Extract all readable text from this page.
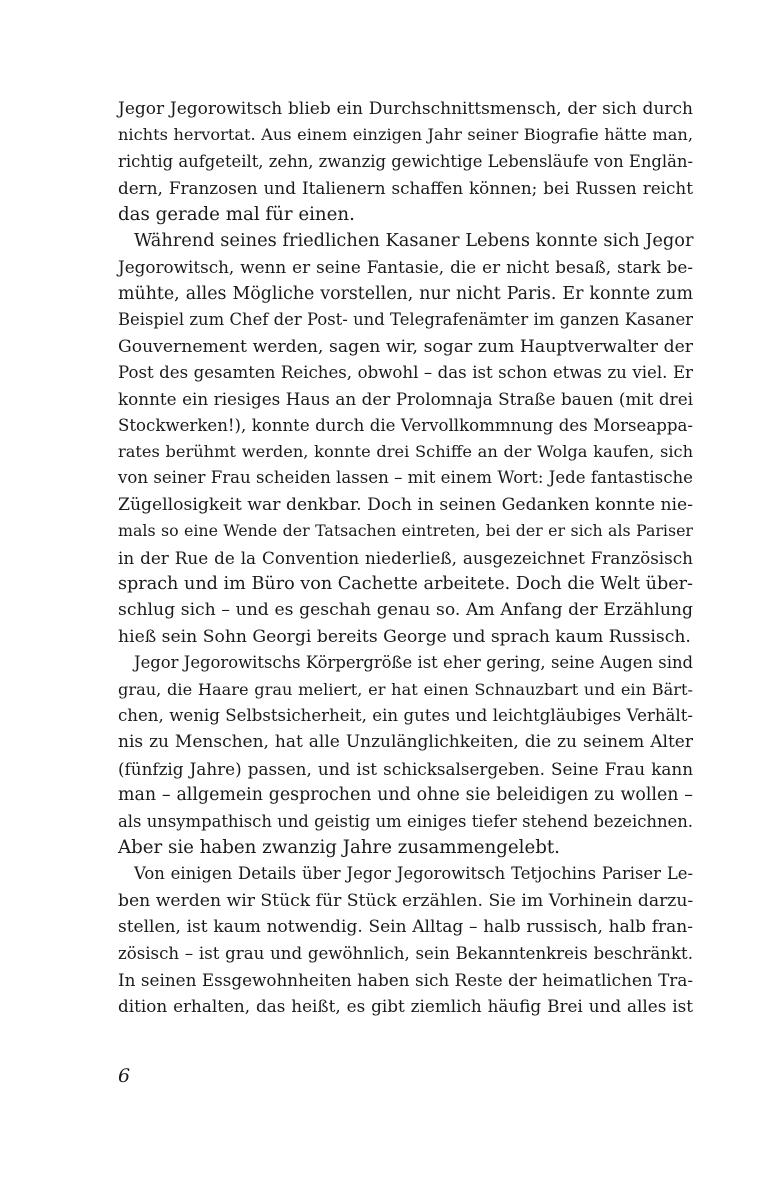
Jegor Jegorowitsch blieb ein Durchschnittsmensch, der sich durch
nichts hervortat. Aus einem einzigen Jahr seiner Biografie hätte man,
richtig aufgeteilt, zehn, zwanzig gewichtige Lebensläufe von Englän-
dern, Franzosen und Italienern schaffen können; bei Russen reicht
das gerade mal für einen.
Während seines friedlichen Kasaner Lebens konnte sich Jegor
Jegorowitsch, wenn er seine Fantasie, die er nicht besaß, stark be-
mühte, alles Mögliche vorstellen, nur nicht Paris. Er konnte zum
Beispiel zum Chef der Post- und Telegrafenämter im ganzen Kasaner
Gouvernement werden, sagen wir, sogar zum Hauptverwalter der
Post des gesamten Reiches, obwohl – das ist schon etwas zu viel. Er
konnte ein riesiges Haus an der Prolomnaja Straße bauen (mit drei
Stockwerken!), konnte durch die Vervollkommnung des Morseappa-
rates berühmt werden, konnte drei Schiffe an der Wolga kaufen, sich
von seiner Frau scheiden lassen – mit einem Wort: Jede fantastische
Zügellosigkeit war denkbar. Doch in seinen Gedanken konnte nie-
mals so eine Wende der Tatsachen eintreten, bei der er sich als Pariser
in der Rue de la Convention niederließ, ausgezeichnet Französisch
sprach und im Büro von Cachette arbeitete. Doch die Welt über-
schlug sich – und es geschah genau so. Am Anfang der Erzählung
hieß sein Sohn Georgi bereits George und sprach kaum Russisch.
Jegor Jegorowitschs Körpergröße ist eher gering, seine Augen sind
grau, die Haare grau meliert, er hat einen Schnauzbart und ein Bärt-
chen, wenig Selbstsicherheit, ein gutes und leichtgläubiges Verhält-
nis zu Menschen, hat alle Unzulänglichkeiten, die zu seinem Alter
(fünfzig Jahre) passen, und ist schicksalsergeben. Seine Frau kann
man – allgemein gesprochen und ohne sie beleidigen zu wollen –
als unsympathisch und geistig um einiges tiefer stehend bezeichnen.
Aber sie haben zwanzig Jahre zusammengelebt.
Von einigen Details über Jegor Jegorowitsch Tetjochins Pariser Le-
ben werden wir Stück für Stück erzählen. Sie im Vorhinein darzu-
stellen, ist kaum notwendig. Sein Alltag – halb russisch, halb fran-
zösisch – ist grau und gewöhnlich, sein Bekanntenkreis beschränkt.
In seinen Essgewohnheiten haben sich Reste der heimatlichen Tra-
dition erhalten, das heißt, es gibt ziemlich häufig Brei und alles ist
6
